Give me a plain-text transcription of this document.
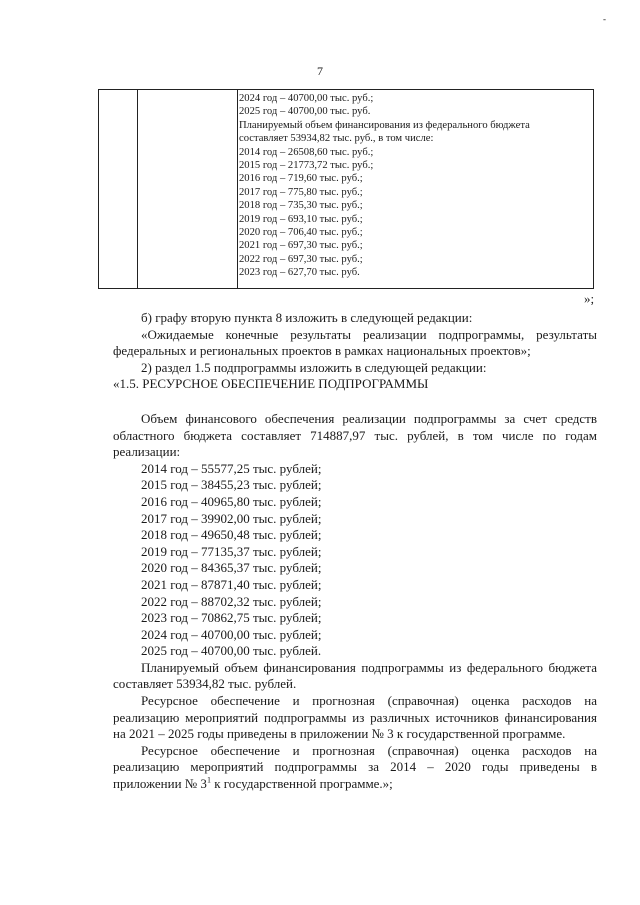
-
7
2024 год – 40700,00 тыс. руб.;
2025 год – 40700,00 тыс. руб.
Планируемый объем финансирования из федерального бюджета
составляет 53934,82 тыс. руб., в том числе:
2014 год – 26508,60 тыс. руб.;
2015 год – 21773,72 тыс. руб.;
2016 год – 719,60 тыс. руб.;
2017 год – 775,80 тыс. руб.;
2018 год – 735,30 тыс. руб.;
2019 год – 693,10 тыс. руб.;
2020 год – 706,40 тыс. руб.;
2021 год – 697,30 тыс. руб.;
2022 год – 697,30 тыс. руб.;
2023 год – 627,70 тыс. руб.
»;

б) графу вторую пункта 8 изложить в следующей редакции:

«Ожидаемые конечные результаты реализации подпрограммы, результаты федеральных и региональных проектов в рамках национальных проектов»;

2) раздел 1.5 подпрограммы изложить в следующей редакции:

«1.5. РЕСУРСНОЕ ОБЕСПЕЧЕНИЕ ПОДПРОГРАММЫ

Объем финансового обеспечения реализации подпрограммы за счет средств областного бюджета составляет 714887,97 тыс. рублей, в том числе по годам реализации:

2014 год – 55577,25 тыс. рублей;

2015 год – 38455,23 тыс. рублей;

2016 год – 40965,80 тыс. рублей;

2017 год – 39902,00 тыс. рублей;

2018 год – 49650,48 тыс. рублей;

2019 год – 77135,37 тыс. рублей;

2020 год – 84365,37 тыс. рублей;

2021 год – 87871,40 тыс. рублей;

2022 год – 88702,32 тыс. рублей;

2023 год – 70862,75 тыс. рублей;

2024 год – 40700,00 тыс. рублей;

2025 год – 40700,00 тыс. рублей.

Планируемый объем финансирования подпрограммы из федерального бюджета составляет 53934,82 тыс. рублей.

Ресурсное обеспечение и прогнозная (справочная) оценка расходов на реализацию мероприятий подпрограммы из различных источников финансирования на 2021 – 2025 годы приведены в приложении № 3 к государственной программе.

Ресурсное обеспечение и прогнозная (справочная) оценка расходов на реализацию мероприятий подпрограммы за 2014 – 2020 годы приведены в приложении № $3^1$ к государственной программе.»;
